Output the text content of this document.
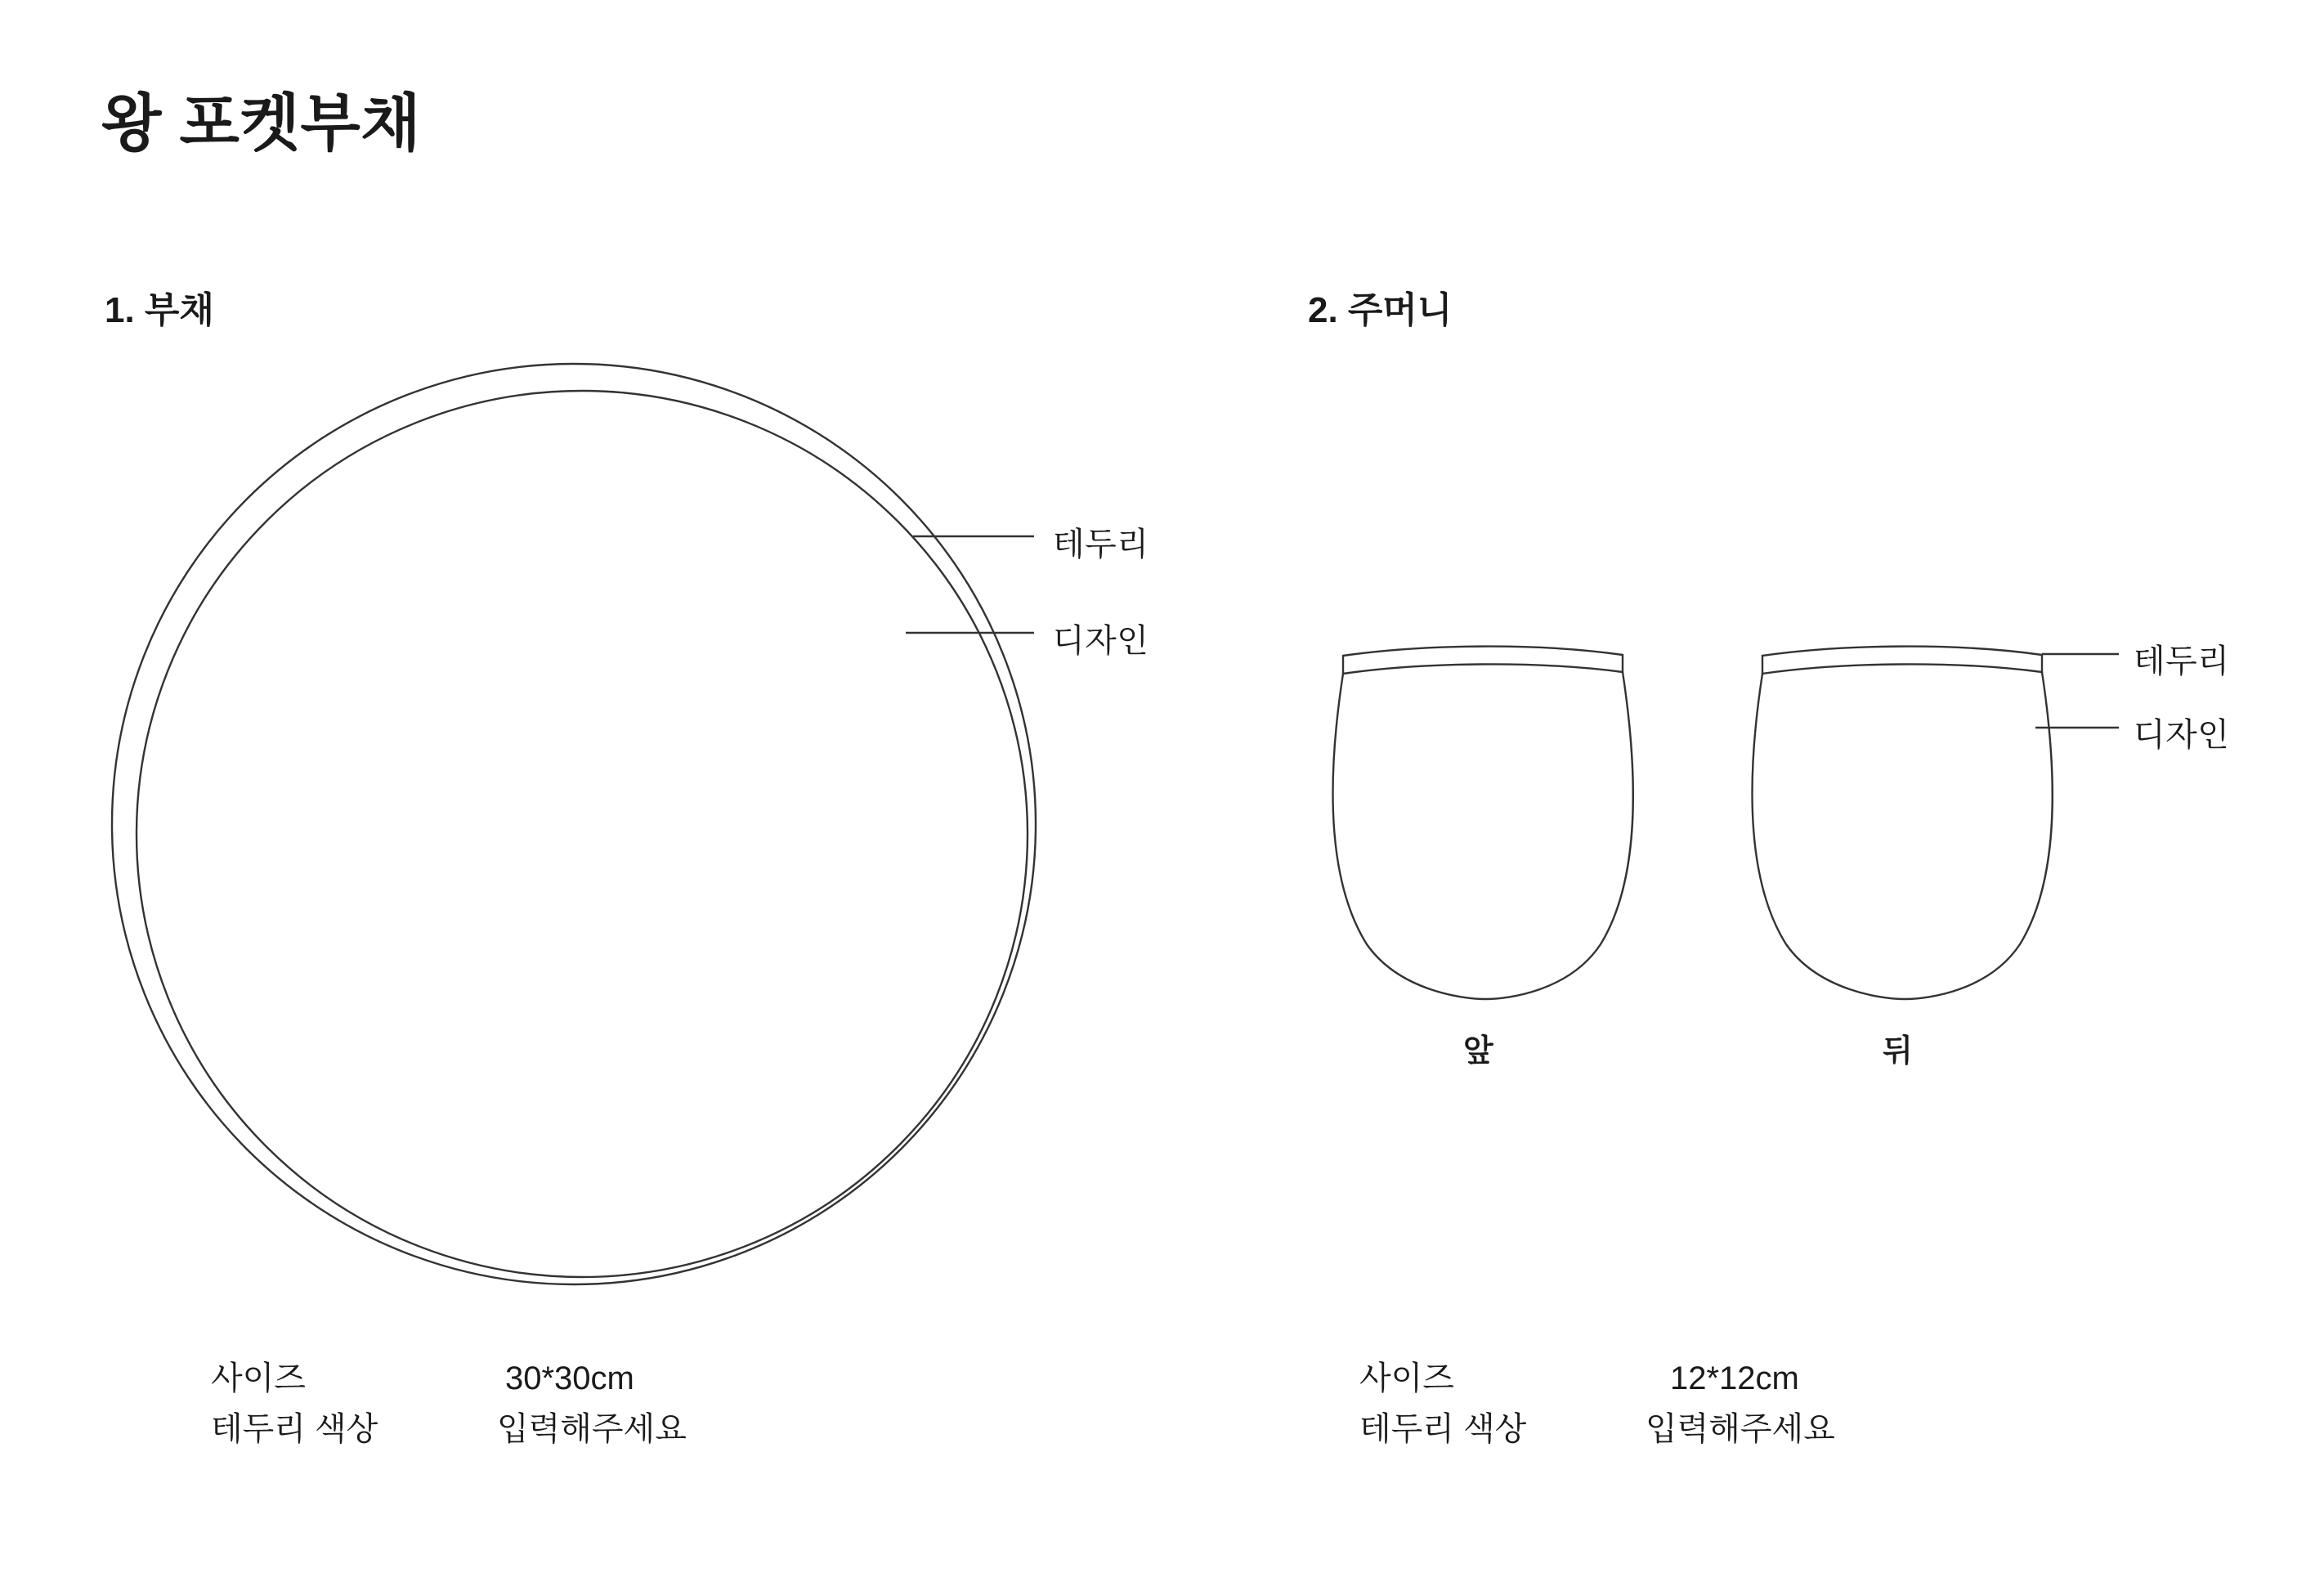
왕 포켓부채
1. 부채	2. 주머니
테두리
디자인
테두리
디자인
앞	뒤
사이즈	30*30cm
테두리 색상	입력해주세요
사이즈	12*12cm
테두리 색상	입력해주세요
